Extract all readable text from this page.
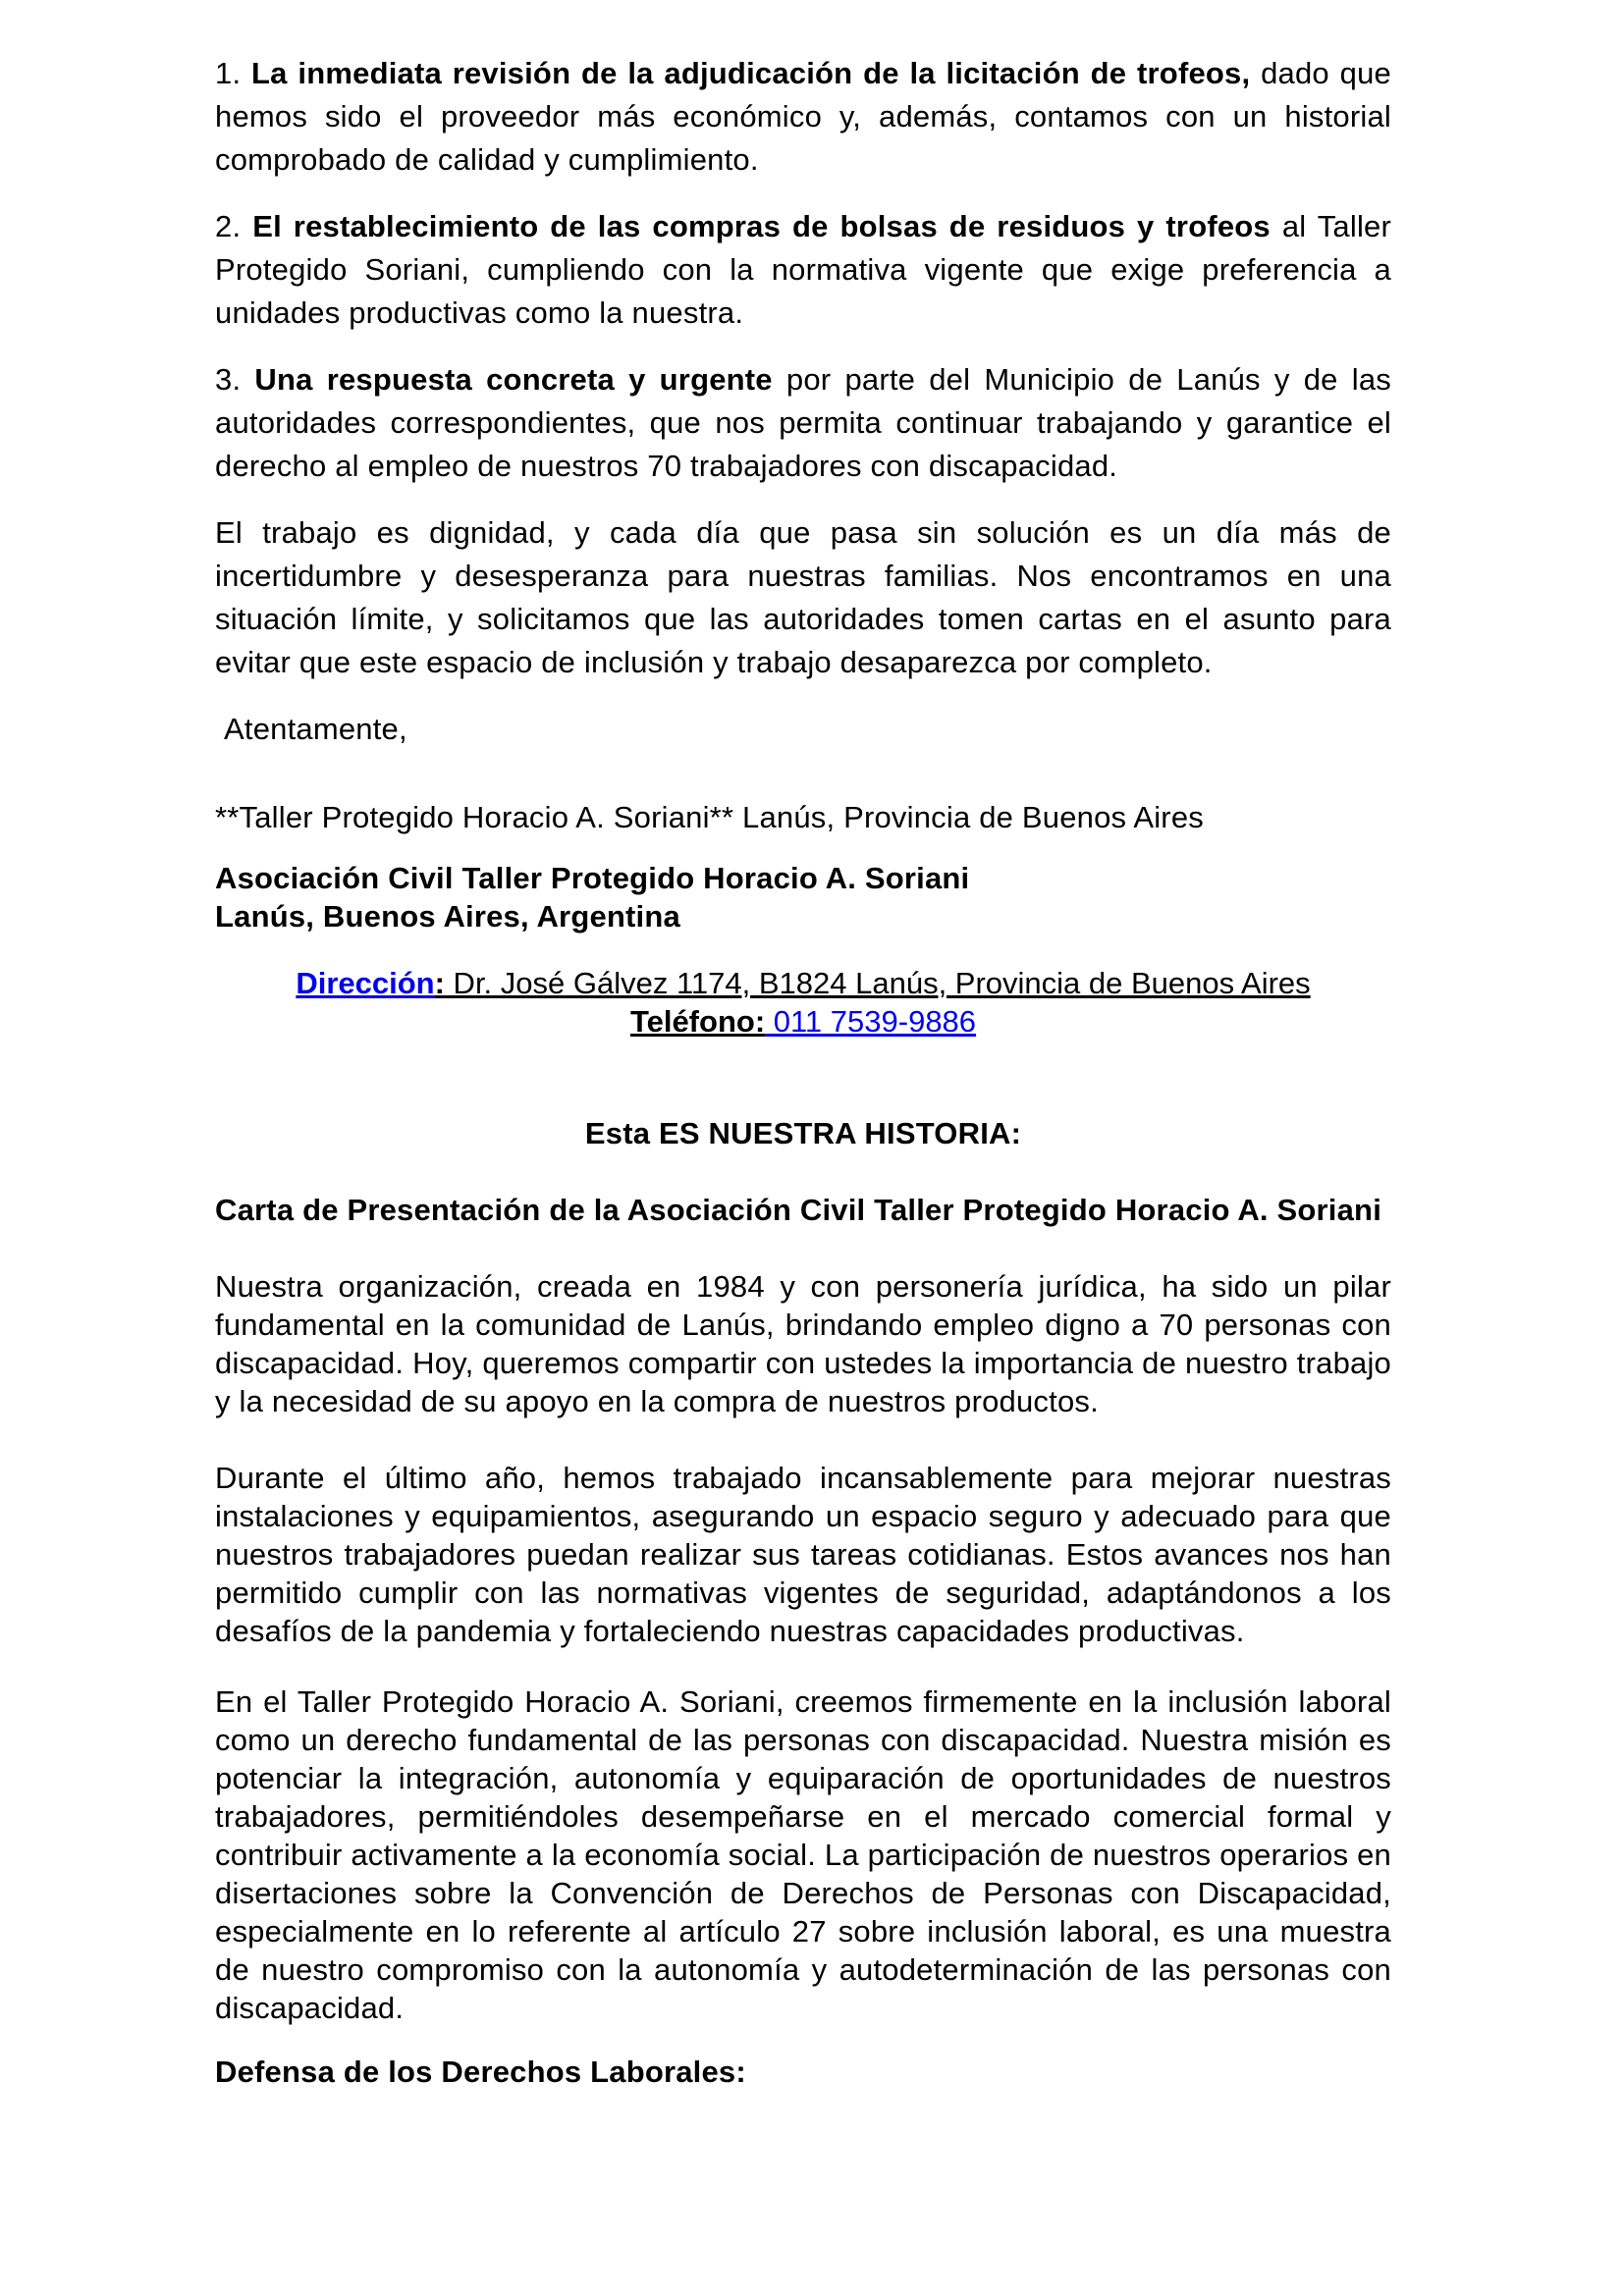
1. La inmediata revisión de la adjudicación de la licitación de trofeos, dado que hemos sido el proveedor más económico y, además, contamos con un historial comprobado de calidad y cumplimiento.

2. El restablecimiento de las compras de bolsas de residuos y trofeos al Taller Protegido Soriani, cumpliendo con la normativa vigente que exige preferencia a unidades productivas como la nuestra.

3. Una respuesta concreta y urgente por parte del Municipio de Lanús y de las autoridades correspondientes, que nos permita continuar trabajando y garantice el derecho al empleo de nuestros 70 trabajadores con discapacidad.

El trabajo es dignidad, y cada día que pasa sin solución es un día más de incertidumbre y desesperanza para nuestras familias. Nos encontramos en una situación límite, y solicitamos que las autoridades tomen cartas en el asunto para evitar que este espacio de inclusión y trabajo desaparezca por completo.

Atentamente,

**Taller Protegido Horacio A. Soriani** Lanús, Provincia de Buenos Aires

Asociación Civil Taller Protegido Horacio A. Soriani
Lanús, Buenos Aires, Argentina

Dirección: Dr. José Gálvez 1174, B1824 Lanús, Provincia de Buenos Aires
Teléfono: 011 7539-9886
Esta ES NUESTRA HISTORIA:
Carta de Presentación de la Asociación Civil Taller Protegido Horacio A. Soriani

Nuestra organización, creada en 1984 y con personería jurídica, ha sido un pilar fundamental en la comunidad de Lanús, brindando empleo digno a 70 personas con discapacidad. Hoy, queremos compartir con ustedes la importancia de nuestro trabajo y la necesidad de su apoyo en la compra de nuestros productos.

Durante el último año, hemos trabajado incansablemente para mejorar nuestras instalaciones y equipamientos, asegurando un espacio seguro y adecuado para que nuestros trabajadores puedan realizar sus tareas cotidianas. Estos avances nos han permitido cumplir con las normativas vigentes de seguridad, adaptándonos a los desafíos de la pandemia y fortaleciendo nuestras capacidades productivas.

En el Taller Protegido Horacio A. Soriani, creemos firmemente en la inclusión laboral como un derecho fundamental de las personas con discapacidad. Nuestra misión es potenciar la integración, autonomía y equiparación de oportunidades de nuestros trabajadores, permitiéndoles desempeñarse en el mercado comercial formal y contribuir activamente a la economía social. La participación de nuestros operarios en disertaciones sobre la Convención de Derechos de Personas con Discapacidad, especialmente en lo referente al artículo 27 sobre inclusión laboral, es una muestra de nuestro compromiso con la autonomía y autodeterminación de las personas con discapacidad.

Defensa de los Derechos Laborales:
